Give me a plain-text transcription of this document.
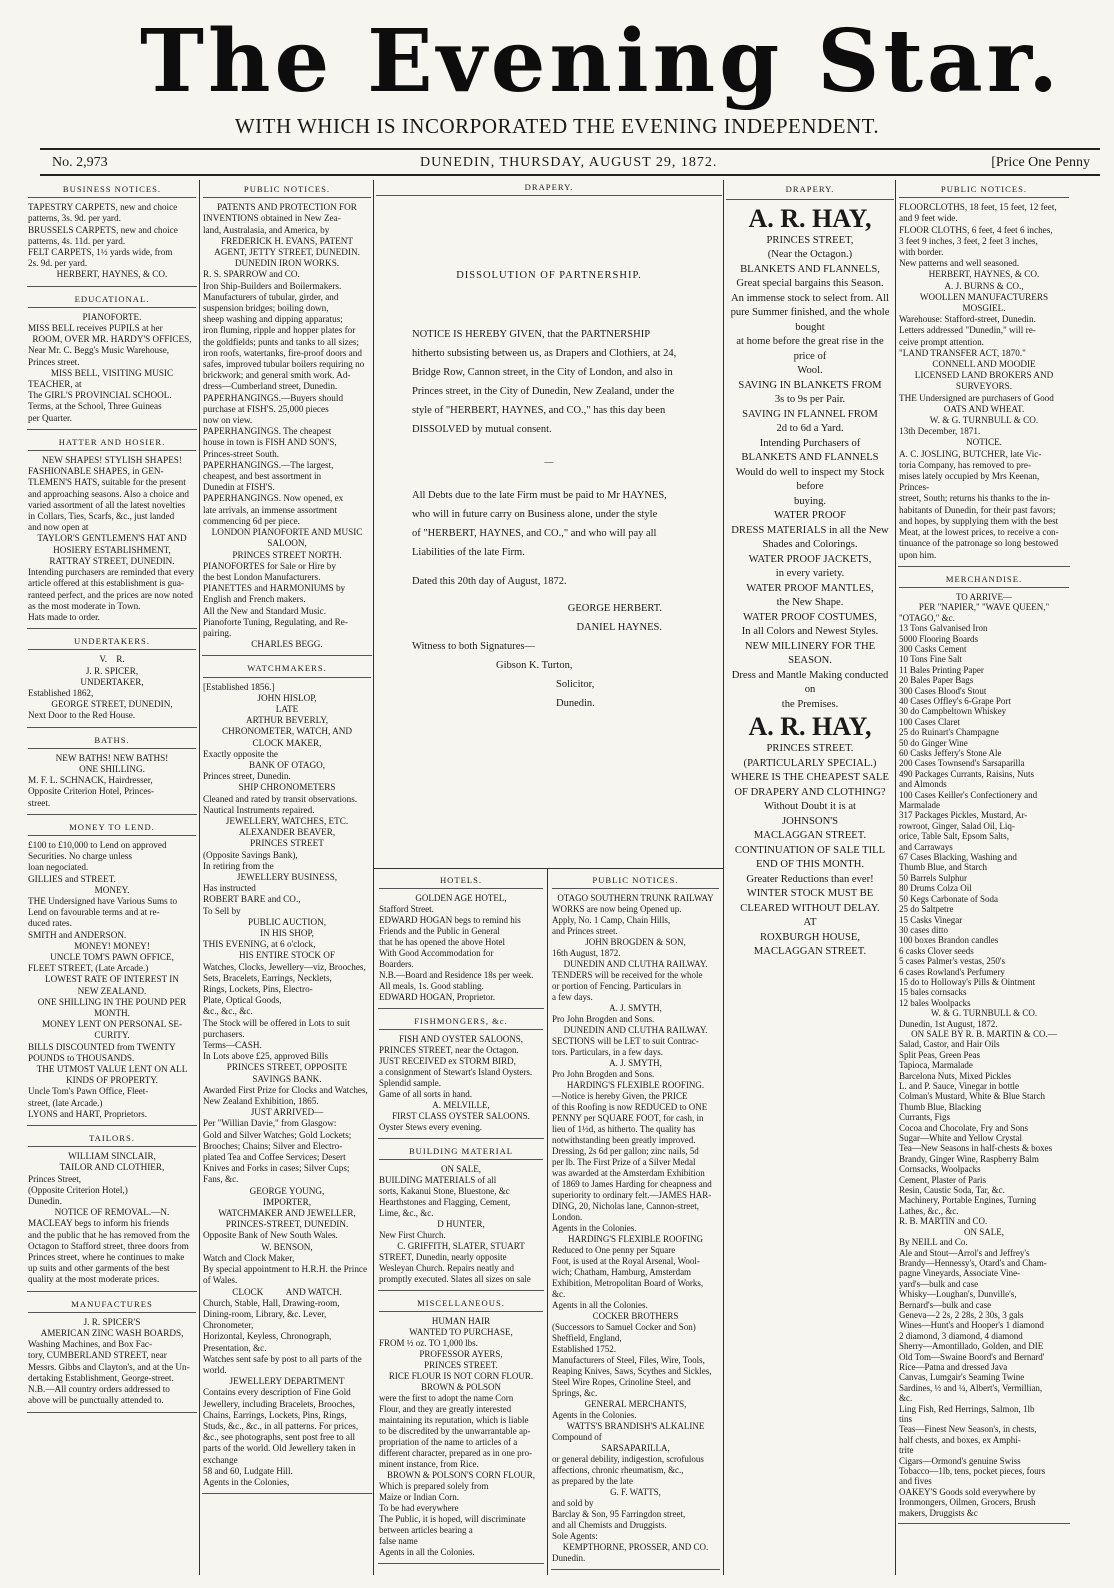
The Evening Star.
WITH WHICH IS INCORPORATED THE EVENING INDEPENDENT.
No. 2,973	DUNEDIN, THURSDAY, AUGUST 29, 1872.	[Price One Penny
BUSINESS NOTICES.
TAPESTRY CARPETS, new and choice
patterns, 3s. 9d. per yard.
BRUSSELS CARPETS, new and choice
patterns, 4s. 11d. per yard.
FELT CARPETS, 1½ yards wide, from
2s. 9d. per yard.
HERBERT, HAYNES, & CO.
EDUCATIONAL.
PIANOFORTE.
MISS BELL receives PUPILS at her
ROOM, OVER MR. HARDY'S OFFICES,
Near Mr. C. Begg's Music Warehouse,
Princes street.
MISS BELL, VISITING MUSIC
TEACHER, at
The GIRL'S PROVINCIAL SCHOOL.
Terms, at the School, Three Guineas
per Quarter.
HATTER AND HOSIER.
NEW SHAPES! STYLISH SHAPES!
FASHIONABLE SHAPES, in GEN-
TLEMEN'S HATS, suitable for the present
and approaching seasons. Also a choice and
varied assortment of all the latest novelties
in Collars, Ties, Scarfs, &c., just landed
and now open at
TAYLOR'S GENTLEMEN'S HAT AND
HOSIERY ESTABLISHMENT,
RATTRAY STREET, DUNEDIN.
Intending purchasers are reminded that every
article offered at this establishment is gua-
ranteed perfect, and the prices are now noted
as the most moderate in Town.
Hats made to order.
UNDERTAKERS.
V.    R.
J. R. SPICER,
UNDERTAKER,
Established 1862,
GEORGE STREET, DUNEDIN,
Next Door to the Red House.
BATHS.
NEW BATHS! NEW BATHS!
ONE SHILLING.
M. F. L. SCHNACK, Hairdresser,
Opposite Criterion Hotel, Princes-
street.
MONEY TO LEND.
£100 to £10,000 to Lend on approved
Securities. No charge unless
loan negociated.
GILLIES and STREET.
MONEY.
THE Undersigned have Various Sums to
Lend on favourable terms and at re-
duced rates.
SMITH and ANDERSON.
MONEY! MONEY!
UNCLE TOM'S PAWN OFFICE,
FLEET STREET, (Late Arcade.)
LOWEST RATE OF INTEREST IN
NEW ZEALAND.
ONE SHILLING IN THE POUND PER
MONTH.
MONEY LENT ON PERSONAL SE-
CURITY.
BILLS DISCOUNTED from TWENTY
POUNDS to THOUSANDS.
THE UTMOST VALUE LENT ON ALL
KINDS OF PROPERTY.
Uncle Tom's Pawn Office, Fleet-
street, (late Arcade.)
LYONS and HART, Proprietors.
TAILORS.
WILLIAM SINCLAIR,
TAILOR AND CLOTHIER,
Princes Street,
(Opposite Criterion Hotel,)
Dunedin.
NOTICE OF REMOVAL.—N.
MACLEAY begs to inform his friends
and the public that he has removed from the
Octagon to Stafford street, three doors from
Princes street, where he continues to make
up suits and other garments of the best
quality at the most moderate prices.
MANUFACTURES
J. R. SPICER'S
AMERICAN ZINC WASH BOARDS,
Washing Machines, and Box Fac-
tory, CUMBERLAND STREET, near
Messrs. Gibbs and Clayton's, and at the Un-
dertaking Establishment, George-street.
N.B.—All country orders addressed to
above will be punctually attended to.
PUBLIC NOTICES.
PATENTS AND PROTECTION FOR
INVENTIONS obtained in New Zea-
land, Australasia, and America, by
FREDERICK H. EVANS, PATENT
AGENT, JETTY STREET, DUNEDIN.
DUNEDIN IRON WORKS.
R. S. SPARROW and CO.
Iron Ship-Builders and Boilermakers.
Manufacturers of tubular, girder, and
suspension bridges; boiling down,
sheep washing and dipping apparatus;
iron fluming, ripple and hopper plates for
the goldfields; punts and tanks to all sizes;
iron roofs, watertanks, fire-proof doors and
safes, improved tubular boilers requiring no
brickwork; and general smith work. Ad-
dress—Cumberland street, Dunedin.
PAPERHANGINGS.—Buyers should
purchase at FISH'S. 25,000 pieces
now on view.
PAPERHANGINGS. The cheapest
house in town is FISH AND SON'S,
Princes-street South.
PAPERHANGINGS.—The largest,
cheapest, and best assortment in
Dunedin at FISH'S.
PAPERHANGINGS. Now opened, ex
late arrivals, an immense assortment
commencing 6d per piece.
LONDON PIANOFORTE AND MUSIC
SALOON,
PRINCES STREET NORTH.
PIANOFORTES for Sale or Hire by
the best London Manufacturers.
PIANETTES and HARMONIUMS by
English and French makers.
All the New and Standard Music.
Pianoforte Tuning, Regulating, and Re-
pairing.
CHARLES BEGG.
WATCHMAKERS.
[Established 1856.]
JOHN HISLOP,
LATE
ARTHUR BEVERLY,
CHRONOMETER, WATCH, AND
CLOCK MAKER,
Exactly opposite the
BANK OF OTAGO,
Princes street, Dunedin.
SHIP CHRONOMETERS
Cleaned and rated by transit observations.
Nautical Instruments repaired.
JEWELLERY, WATCHES, ETC.
ALEXANDER BEAVER,
PRINCES STREET
(Opposite Savings Bank),
In retiring from the
JEWELLERY BUSINESS,
Has instructed
ROBERT BARE and CO.,
To Sell by
PUBLIC AUCTION,
IN HIS SHOP,
THIS EVENING, at 6 o'clock,
HIS ENTIRE STOCK OF
Watches, Clocks, Jewellery—viz, Brooches,
Sets, Bracelets, Earrings, Necklets,
Rings, Lockets, Pins, Electro-
Plate, Optical Goods,
&c., &c., &c.
The Stock will be offered in Lots to suit
purchasers.
Terms—CASH.
In Lots above £25, approved Bills
PRINCES STREET, OPPOSITE
SAVINGS BANK.
Awarded First Prize for Clocks and Watches,
New Zealand Exhibition, 1865.
JUST ARRIVED—
Per "Willian Davie," from Glasgow:
Gold and Silver Watches; Gold Lockets;
Brooches; Chains; Silver and Electro-
plated Tea and Coffee Services; Desert
Knives and Forks in cases; Silver Cups;
Fans, &c.
GEORGE YOUNG,
IMPORTER,
WATCHMAKER AND JEWELLER,
PRINCES-STREET, DUNEDIN.
Opposite Bank of New South Wales.
W. BENSON,
Watch and Clock Maker,
By special appointment to H.R.H. the Prince
of Wales.
CLOCK          AND WATCH.
Church, Stable, Hall, Drawing-room,
Dining-room, Library, &c. Lever, Chronometer,
Horizontal, Keyless, Chronograph,
Presentation, &c.
Watches sent safe by post to all parts of the
world.
JEWELLERY DEPARTMENT
Contains every description of Fine Gold
Jewellery, including Bracelets, Brooches,
Chains, Earrings, Lockets, Pins, Rings,
Studs, &c., &c., in all patterns. For prices,
&c., see photographs, sent post free to all
parts of the world. Old Jewellery taken in
exchange
58 and 60, Ludgate Hill.
Agents in the Colonies,
DRAPERY.
DISSOLUTION OF PARTNERSHIP.
NOTICE IS HEREBY GIVEN, that the PARTNERSHIP
hitherto subsisting between us, as Drapers and Clothiers, at 24,
Bridge Row, Cannon street, in the City of London, and also in
Princes street, in the City of Dunedin, New Zealand, under the
style of "HERBERT, HAYNES, and CO.," has this day been
DISSOLVED by mutual consent.
—
All Debts due to the late Firm must be paid to Mr HAYNES,
who will in future carry on Business alone, under the style
of "HERBERT, HAYNES, and CO.," and who will pay all
Liabilities of the late Firm.
Dated this 20th day of August, 1872.
GEORGE HERBERT.
DANIEL HAYNES.
Witness to both Signatures—
Gibson K. Turton,
Solicitor, Dunedin.
HOTELS.
GOLDEN AGE HOTEL,
Stafford Street.
EDWARD HOGAN begs to remind his
Friends and the Public in General
that he has opened the above Hotel
With Good Accommodation for
Boarders.
N.B.—Board and Residence 18s per week.
All meals, 1s. Good stabling.
EDWARD HOGAN, Proprietor.
FISHMONGERS, &c.
FISH AND OYSTER SALOONS,
PRINCES STREET, near the Octagon.
JUST RECEIVED ex STORM BIRD,
a consignment of Stewart's Island Oysters.
Splendid sample.
Game of all sorts in hand.
A. MELVILLE,
FIRST CLASS OYSTER SALOONS.
Oyster Stews every evening.
BUILDING MATERIAL
ON SALE,
BUILDING MATERIALS of all
sorts, Kakanui Stone, Bluestone, &c
Hearthstones and Flagging, Cement,
Lime, &c., &c.
D HUNTER,
New First Church.
C. GRIFFITH, SLATER, STUART
STREET, Dunedin, nearly opposite
Wesleyan Church. Repairs neatly and
promptly executed. Slates all sizes on sale
MISCELLANEOUS.
HUMAN HAIR
WANTED TO PURCHASE,
FROM ½ oz. TO 1,000 lbs.
PROFESSOR AYERS,
PRINCES STREET.
RICE FLOUR IS NOT CORN FLOUR.
BROWN & POLSON
were the first to adopt the name Corn
Flour, and they are greatly interested
maintaining its reputation, which is liable
to be discredited by the unwarrantable ap-
propriation of the name to articles of a
different character, prepared as in one pro-
minent instance, from Rice.
BROWN & POLSON'S CORN FLOUR,
Which is prepared solely from
Maize or Indian Corn.
To be had everywhere
The Public, it is hoped, will discriminate
between articles bearing a
false name
Agents in all the Colonies.
PUBLIC NOTICES.
OTAGO SOUTHERN TRUNK RAILWAY
WORKS are now being Opened up.
Apply, No. 1 Camp, Chain Hills,
and Princes street.
JOHN BROGDEN & SON,
16th August, 1872.
DUNEDIN AND CLUTHA RAILWAY.
TENDERS will be received for the whole
or portion of Fencing. Particulars in
a few days.
A. J. SMYTH,
Pro John Brogden and Sons.
DUNEDIN AND CLUTHA RAILWAY.
SECTIONS will be LET to suit Contrac-
tors. Particulars, in a few days.
A. J. SMYTH,
Pro John Brogden and Sons.
HARDING'S FLEXIBLE ROOFING.
—Notice is hereby Given, the PRICE
of this Roofing is now REDUCED to ONE
PENNY per SQUARE FOOT, for cash, in
lieu of 1½d, as hitherto. The quality has
notwithstanding been greatly improved.
Dressing, 2s 6d per gallon; zinc nails, 5d
per lb. The First Prize of a Silver Medal
was awarded at the Amsterdam Exhibition
of 1869 to James Harding for cheapness and
superiority to ordinary felt.—JAMES HAR-
DING, 20, Nicholas lane, Cannon-street,
London.
Agents in the Colonies.
HARDING'S FLEXIBLE ROOFING
Reduced to One penny per Square
Foot, is used at the Royal Arsenal, Wool-
wich; Chatham, Hamburg, Amsterdam
Exhibition, Metropolitan Board of Works,
&c.
Agents in all the Colonies.
COCKER BROTHERS
(Successors to Samuel Cocker and Son)
Sheffield, England,
Established 1752.
Manufacturers of Steel, Files, Wire, Tools,
Reaping Knives, Saws, Scythes and Sickles,
Steel Wire Ropes, Crinoline Steel, and
Springs, &c.
GENERAL MERCHANTS,
Agents in the Colonies.
WATTS'S BRANDISH'S ALKALINE
Compound of
SARSAPARILLA,
or general debility, indigestion, scrofulous
affections, chronic rheumatism, &c.,
as prepared by the late
G. F. WATTS,
and sold by
Barclay & Son, 95 Farringdon street,
and all Chemists and Druggists.
Sole Agents:
KEMPTHORNE, PROSSER, AND CO.
Dunedin.
DRAPERY.
A. R. HAY,
PRINCES STREET,
(Near the Octagon.)
BLANKETS AND FLANNELS,
Great special bargains this Season.
An immense stock to select from. All
pure Summer finished, and the whole bought
at home before the great rise in the price of
Wool.
SAVING IN BLANKETS FROM
3s to 9s per Pair.
SAVING IN FLANNEL FROM
2d to 6d a Yard.
Intending Purchasers of
BLANKETS AND FLANNELS
Would do well to inspect my Stock before
buying.
WATER PROOF
DRESS MATERIALS in all the New
Shades and Colorings.
WATER PROOF JACKETS,
in every variety.
WATER PROOF MANTLES,
the New Shape.
WATER PROOF COSTUMES,
In all Colors and Newest Styles.
NEW MILLINERY FOR THE SEASON.
Dress and Mantle Making conducted on
the Premises.
A. R. HAY,
PRINCES STREET.
(PARTICULARLY SPECIAL.)
WHERE IS THE CHEAPEST SALE
OF DRAPERY AND CLOTHING?
Without Doubt it is at
JOHNSON'S
MACLAGGAN STREET.
CONTINUATION OF SALE TILL
END OF THIS MONTH.
Greater Reductions than ever!
WINTER STOCK MUST BE
CLEARED WITHOUT DELAY.
AT
ROXBURGH HOUSE,
MACLAGGAN STREET.
PUBLIC NOTICES.
FLOORCLOTHS, 18 feet, 15 feet, 12 feet,
and 9 feet wide.
FLOOR CLOTHS, 6 feet, 4 feet 6 inches,
3 feet 9 inches, 3 feet, 2 feet 3 inches,
with border.
New patterns and well seasoned.
HERBERT, HAYNES, & CO.
A. J. BURNS & CO.,
WOOLLEN MANUFACTURERS
MOSGIEL.
Warehouse: Stafford-street, Dunedin.
Letters addressed "Dunedin," will re-
ceive prompt attention.
"LAND TRANSFER ACT, 1870."
CONNELL AND MOODIE
LICENSED LAND BROKERS AND
SURVEYORS.
THE Undersigned are purchasers of Good
OATS AND WHEAT.
W. & G. TURNBULL & CO.
13th December, 1871.
NOTICE.
A. C. JOSLING, BUTCHER, late Vic-
toria Company, has removed to pre-
mises lately occupied by Mrs Keenan, Princes-
street, South; returns his thanks to the in-
habitants of Dunedin, for their past favors;
and hopes, by supplying them with the best
Meat, at the lowest prices, to receive a con-
tinuance of the patronage so long bestowed
upon him.
MERCHANDISE.
TO ARRIVE—
PER "NAPIER," "WAVE QUEEN,"
"OTAGO," &c.
13 Tons Galvanised Iron
5000 Flooring Boards
300 Casks Cement
10 Tons Fine Salt
11 Bales Printing Paper
20 Bales Paper Bags
300 Cases Blood's Stout
40 Cases Offley's 6-Grape Port
30 do Campbeltown Whiskey
100 Cases Claret
25 do Ruinart's Champagne
50 do Ginger Wine
60 Casks Jeffery's Stone Ale
200 Cases Townsend's Sarsaparilla
490 Packages Currants, Raisins, Nuts
and Almonds
100 Cases Keiller's Confectionery and
Marmalade
317 Packages Pickles, Mustard, Ar-
rowroot, Ginger, Salad Oil, Liq-
orice, Table Salt, Epsom Salts,
and Carraways
67 Cases Blacking, Washing and
Thumb Blue, and Starch
50 Barrels Sulphur
80 Drums Colza Oil
50 Kegs Carbonate of Soda
25 do Saltpetre
15 Casks Vinegar
30 cases ditto
100 boxes Brandon candles
6 casks Clover seeds
5 cases Palmer's vestas, 250's
6 cases Rowland's Perfumery
15 do to Holloway's Pills & Ointment
15 bales cornsacks
12 bales Woolpacks
W. & G. TURNBULL & CO.
Dunedin, 1st August, 1872.
ON SALE BY R. B. MARTIN & CO.—
Salad, Castor, and Hair Oils
Split Peas, Green Peas
Tapioca, Marmalade
Barcelona Nuts, Mixed Pickles
L. and P. Sauce, Vinegar in bottle
Colman's Mustard, White & Blue Starch
Thumb Blue, Blacking
Currants, Figs
Cocoa and Chocolate, Fry and Sons
Sugar—White and Yellow Crystal
Tea—New Seasons in half-chests & boxes
Brandy, Ginger Wine, Raspberry Balm
Cornsacks, Woolpacks
Cement, Plaster of Paris
Resin, Caustic Soda, Tar, &c.
Machinery, Portable Engines, Turning
Lathes, &c., &c.
R. B. MARTIN and CO.
ON SALE,
By NEILL and Co.
Ale and Stout—Arrol's and Jeffrey's
Brandy—Hennessy's, Otard's and Cham-
pagne Vineyards, Associate Vine-
yard's—bulk and case
Whisky—Loughan's, Dunville's,
Bernard's—bulk and case
Geneva—2 2s, 2 28s, 2 30s, 3 gals
Wines—Hunt's and Hooper's 1 diamond
2 diamond, 3 diamond, 4 diamond
Sherry—Amontillado, Golden, and DIE
Old Tom—Swaine Boord's and Bernard'
Rice—Patna and dressed Java
Canvas, Lumgair's Seaming Twine
Sardines, ½ and ¼, Albert's, Vermillian,
&c.
Ling Fish, Red Herrings, Salmon, 1lb
tins
Teas—Finest New Season's, in chests,
half chests, and boxes, ex Amphi-
trite
Cigars—Ormond's genuine Swiss
Tobacco—1lb, tens, pocket pieces, fours
and fives
OAKEY'S Goods sold everywhere by
Ironmongers, Oilmen, Grocers, Brush
makers, Druggists &c
